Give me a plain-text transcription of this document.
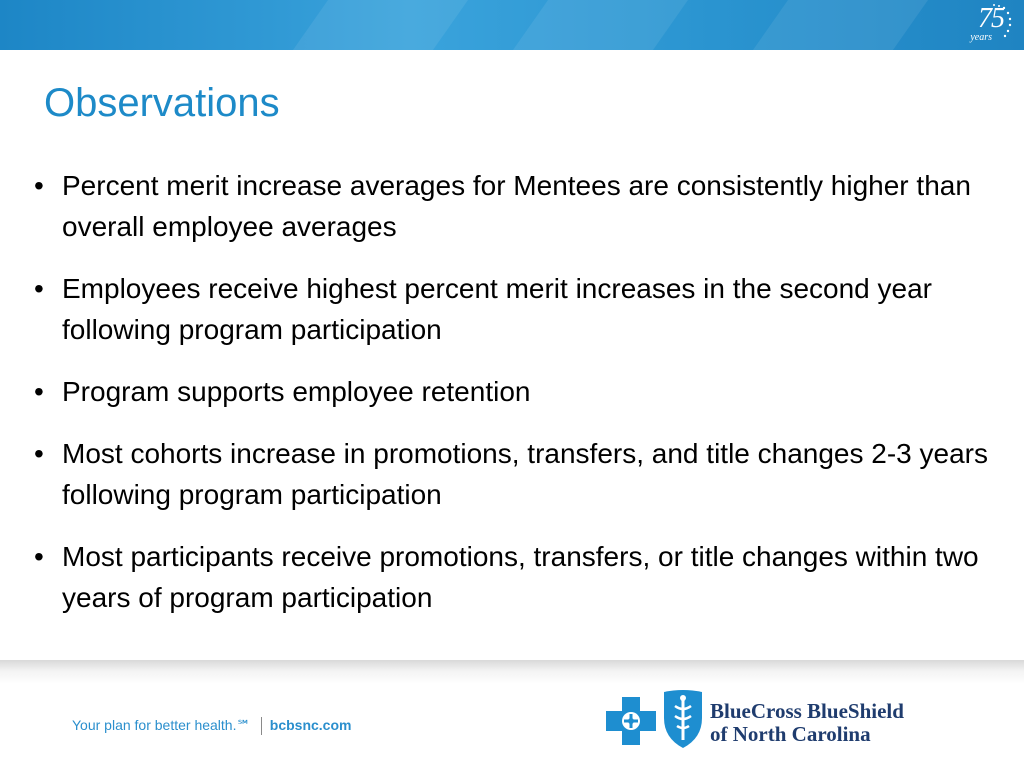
75
years
Observations
• Percent merit increase averages for Mentees are consistently higher than overall employee averages
• Employees receive highest percent merit increases in the second year following program participation
• Program supports employee retention
• Most cohorts increase in promotions, transfers, and title changes 2-3 years following program participation
• Most participants receive promotions, transfers, or title changes within two years of program participation
Your plan for better health.℠ bcbsnc.com
BlueCross BlueShield
of North Carolina
